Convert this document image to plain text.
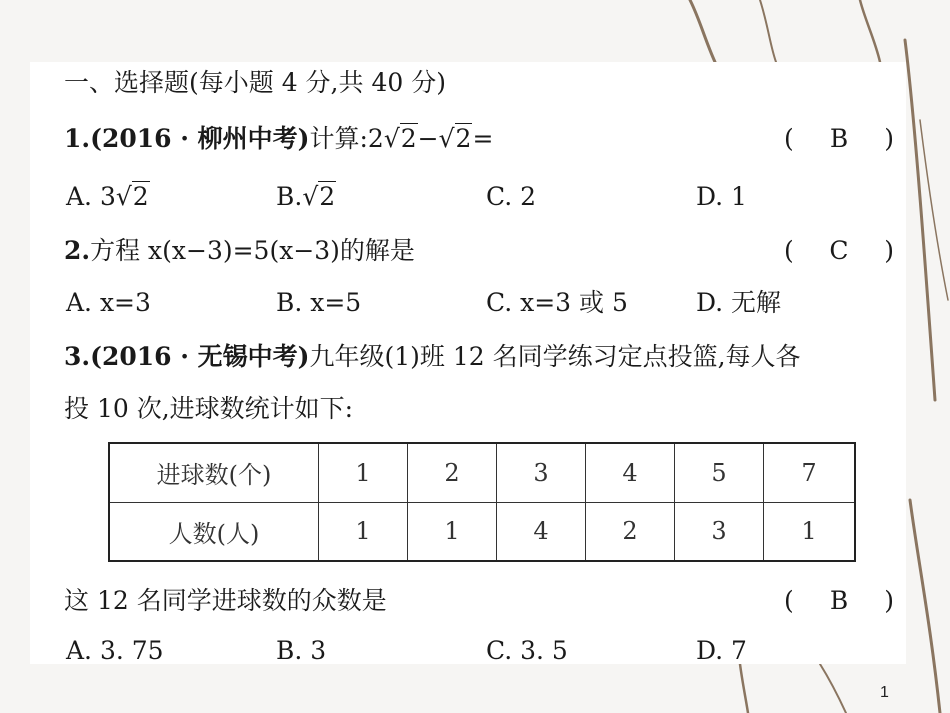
一、选择题(每小题 4 分,共 40 分)
1.(2016 · 柳州中考)计算:2√2−√2=	( B )
A. 3√2	B.√2	C. 2	D. 1
2.方程 x(x−3)=5(x−3)的解是	( C )
A. x=3	B. x=5	C. x=3 或 5	D. 无解
3.(2016 · 无锡中考)九年级(1)班 12 名同学练习定点投篮,每人各
投 10 次,进球数统计如下:
进球数(个)	1	2	3	4	5	7
人数(人)	1	1	4	2	3	1
这 12 名同学进球数的众数是	( B )
A. 3. 75	B. 3	C. 3. 5	D. 7
1
